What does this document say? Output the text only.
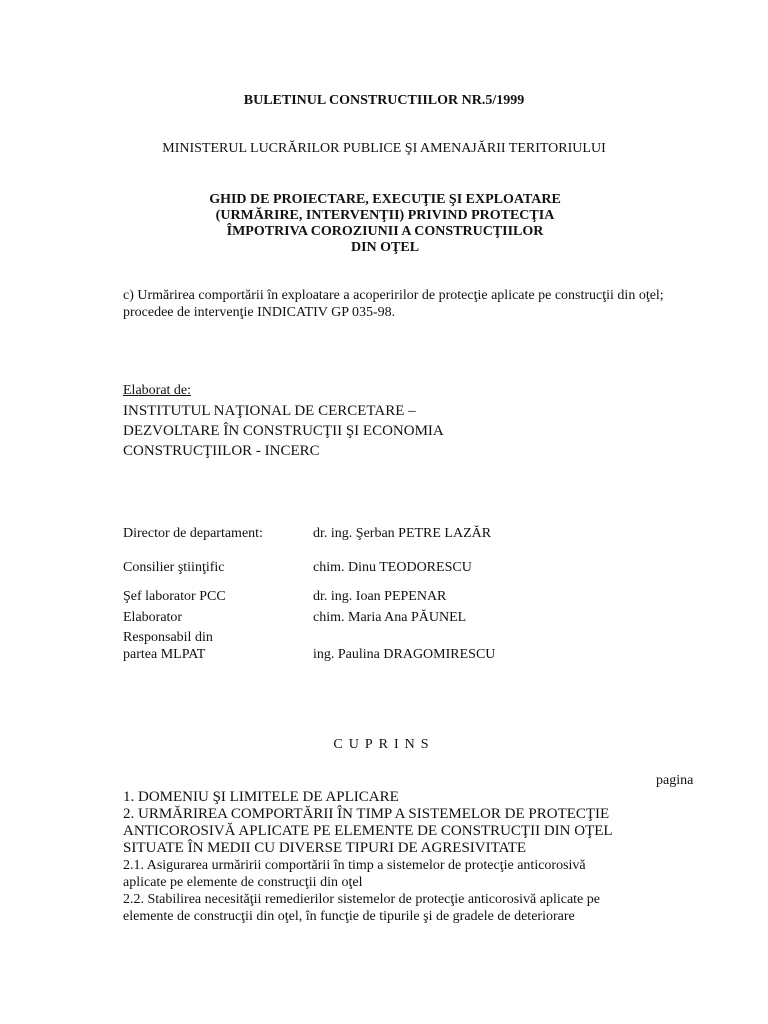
BULETINUL CONSTRUCTIILOR NR.5/1999
MINISTERUL LUCRĂRILOR PUBLICE ŞI AMENAJĂRII TERITORIULUI
GHID DE PROIECTARE, EXECUŢIE ŞI EXPLOATARE
(URMĂRIRE, INTERVENŢII) PRIVIND PROTECŢIA
ÎMPOTRIVA COROZIUNII A CONSTRUCŢIILOR
DIN OŢEL
c) Urmărirea comportării în exploatare a acoperirilor de protecţie aplicate pe construcţii din oţel;
procedee de intervenţie INDICATIV GP 035-98.
Elaborat de:
INSTITUTUL NAŢIONAL DE CERCETARE –
DEZVOLTARE ÎN CONSTRUCŢII ŞI ECONOMIA
CONSTRUCŢIILOR - INCERC
Director de departament:	dr. ing. Şerban PETRE LAZĂR
Consilier ştiinţific	chim. Dinu TEODORESCU
Şef laborator PCC	dr. ing. Ioan PEPENAR
Elaborator	chim. Maria Ana PĂUNEL
Responsabil din
partea MLPAT	ing. Paulina DRAGOMIRESCU
CUPRINS
pagina
1. DOMENIU ŞI LIMITELE DE APLICARE
2. URMĂRIREA COMPORTĂRII ÎN TIMP A SISTEMELOR DE PROTECŢIE
ANTICOROSIVĂ APLICATE PE ELEMENTE DE CONSTRUCŢII DIN OŢEL
SITUATE ÎN MEDII CU DIVERSE TIPURI DE AGRESIVITATE
2.1. Asigurarea urmăririi comportării în timp a sistemelor de protecţie anticorosivă
aplicate pe elemente de construcţii din oţel
2.2. Stabilirea necesităţii remedierilor sistemelor de protecţie anticorosivă aplicate pe
elemente de construcţii din oţel, în funcţie de tipurile şi de gradele de deteriorare
